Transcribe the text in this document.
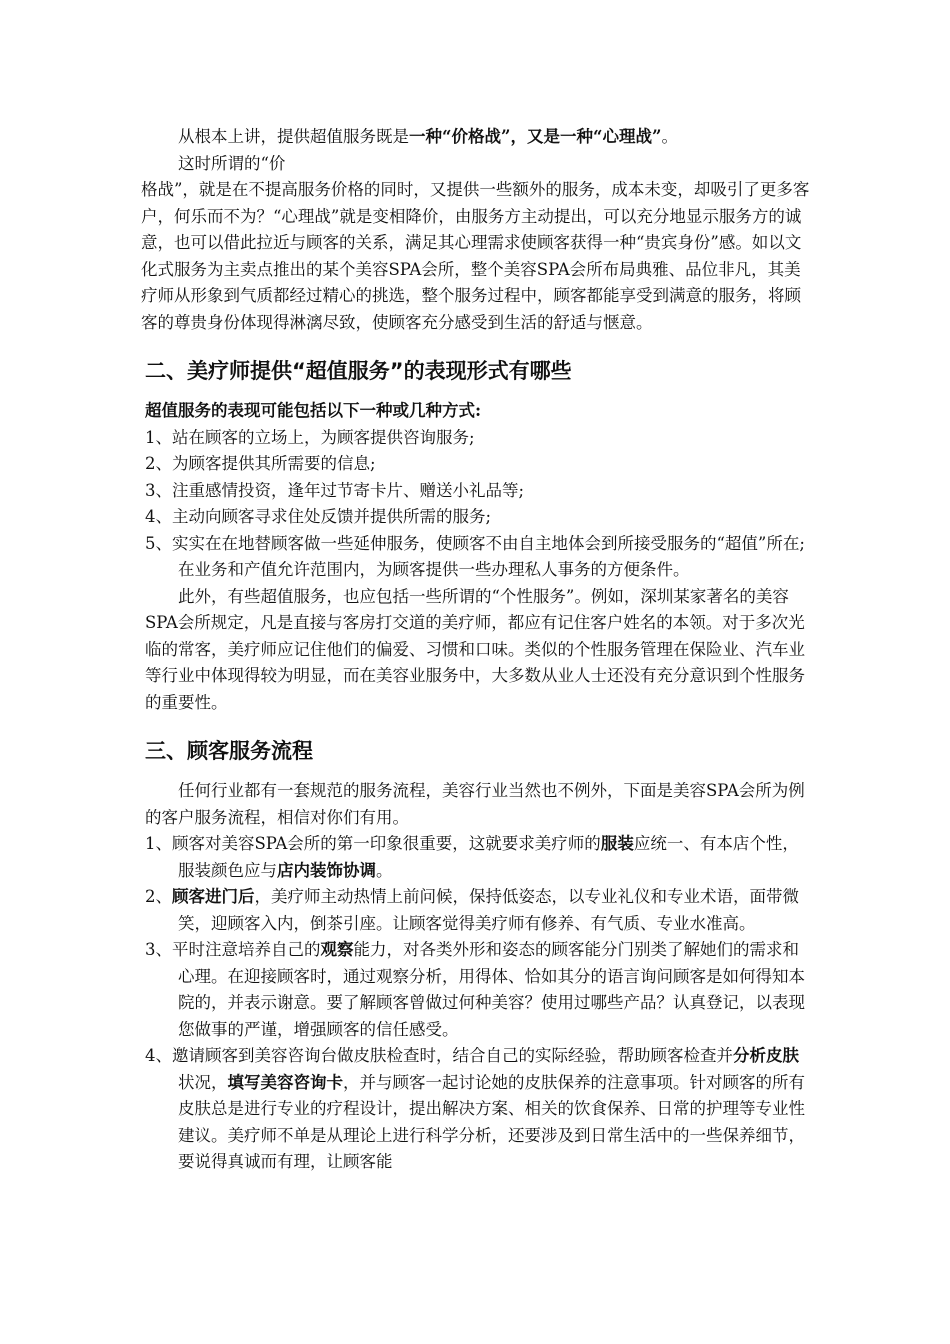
从根本上讲，提供超值服务既是一种“价格战”，又是一种“心理战”。

这时所谓的“价

格战”，就是在不提高服务价格的同时，又提供一些额外的服务，成本未变，却吸引了更多客户，何乐而不为？“心理战”就是变相降价，由服务方主动提出，可以充分地显示服务方的诚意，也可以借此拉近与顾客的关系，满足其心理需求使顾客获得一种“贵宾身份”感。如以文化式服务为主卖点推出的某个美容SPA会所，整个美容SPA会所布局典雅、品位非凡，其美疗师从形象到气质都经过精心的挑选，整个服务过程中，顾客都能享受到满意的服务，将顾客的尊贵身份体现得淋漓尽致，使顾客充分感受到生活的舒适与惬意。

二、美疗师提供“超值服务”的表现形式有哪些

超值服务的表现可能包括以下一种或几种方式:

1、站在顾客的立场上，为顾客提供咨询服务;

2、为顾客提供其所需要的信息;

3、注重感情投资，逢年过节寄卡片、赠送小礼品等;

4、主动向顾客寻求住处反馈并提供所需的服务;

5、实实在在地替顾客做一些延伸服务，使顾客不由自主地体会到所接受服务的“超值”所在; 在业务和产值允许范围内，为顾客提供一些办理私人事务的方便条件。

此外，有些超值服务，也应包括一些所谓的“个性服务”。例如，深圳某家著名的美容SPA会所规定，凡是直接与客房打交道的美疗师，都应有记住客户姓名的本领。对于多次光临的常客，美疗师应记住他们的偏爱、习惯和口味。类似的个性服务管理在保险业、汽车业等行业中体现得较为明显，而在美容业服务中，大多数从业人士还没有充分意识到个性服务的重要性。

三、顾客服务流程

任何行业都有一套规范的服务流程，美容行业当然也不例外，下面是美容SPA会所为例的客户服务流程，相信对你们有用。

1、顾客对美容SPA会所的第一印象很重要，这就要求美疗师的服装应统一、有本店个性，服装颜色应与店内装饰协调。

2、顾客进门后，美疗师主动热情上前问候，保持低姿态，以专业礼仪和专业术语，面带微笑，迎顾客入内，倒茶引座。让顾客觉得美疗师有修养、有气质、专业水准高。

3、平时注意培养自己的观察能力，对各类外形和姿态的顾客能分门别类了解她们的需求和心理。在迎接顾客时，通过观察分析，用得体、恰如其分的语言询问顾客是如何得知本院的，并表示谢意。要了解顾客曾做过何种美容？使用过哪些产品？认真登记，以表现您做事的严谨，增强顾客的信任感受。

4、邀请顾客到美容咨询台做皮肤检查时，结合自己的实际经验，帮助顾客检查并分析皮肤状况，填写美容咨询卡，并与顾客一起讨论她的皮肤保养的注意事项。针对顾客的所有皮肤总是进行专业的疗程设计，提出解决方案、相关的饮食保养、日常的护理等专业性建议。美疗师不单是从理论上进行科学分析，还要涉及到日常生活中的一些保养细节，要说得真诚而有理，让顾客能
